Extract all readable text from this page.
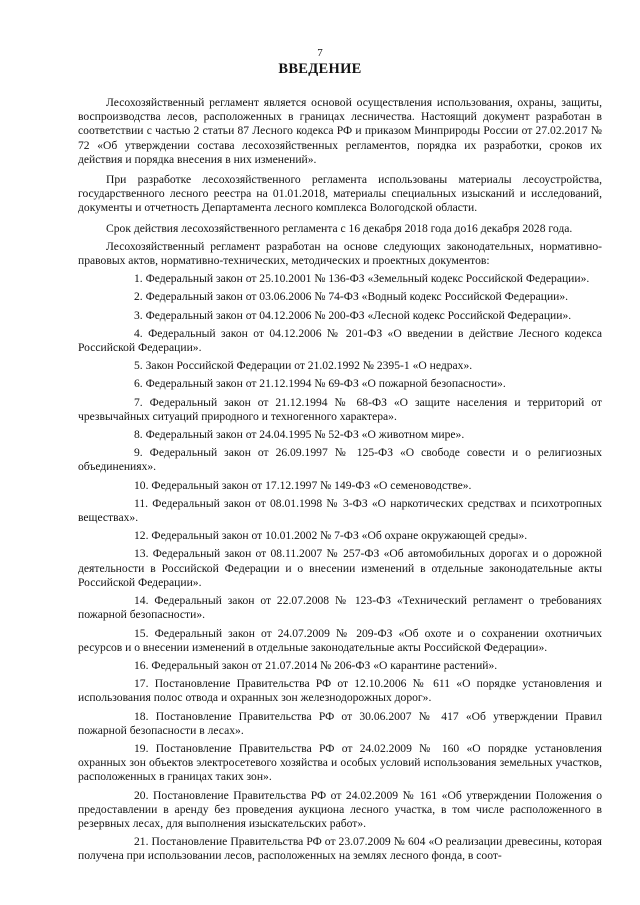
7
ВВЕДЕНИЕ

Лесохозяйственный регламент является основой осуществления использования, охраны, защиты, воспроизводства лесов, расположенных в границах лесничества. Настоящий документ разработан в соответствии с частью 2 статьи 87 Лесного кодекса РФ и приказом Минприроды России от 27.02.2017 № 72 «Об утверждении состава лесохозяйственных регламентов, порядка их разработки, сроков их действия и порядка внесения в них изменений».

При разработке лесохозяйственного регламента использованы материалы лесоустройства, государственного лесного реестра на 01.01.2018, материалы специальных изысканий и исследований, документы и отчетность Департамента лесного комплекса Вологодской области.

Срок действия лесохозяйственного регламента с 16 декабря 2018 года до16 декабря 2028 года.

Лесохозяйственный регламент разработан на основе следующих законодательных, нормативно-правовых актов, нормативно-технических, методических и проектных документов:

1. Федеральный закон от 25.10.2001 № 136-ФЗ «Земельный кодекс Российской Федерации».
2. Федеральный закон от 03.06.2006 № 74-ФЗ «Водный кодекс Российской Федерации».
3. Федеральный закон от 04.12.2006 № 200-ФЗ «Лесной кодекс Российской Федерации».
4. Федеральный закон от 04.12.2006 № 201-ФЗ «О введении в действие Лесного кодекса Российской Федерации».
5. Закон Российской Федерации от 21.02.1992 № 2395-1 «О недрах».
6. Федеральный закон от 21.12.1994 № 69-ФЗ «О пожарной безопасности».
7. Федеральный закон от 21.12.1994 № 68-ФЗ «О защите населения и территорий от чрезвычайных ситуаций природного и техногенного характера».
8. Федеральный закон от 24.04.1995 № 52-ФЗ «О животном мире».
9. Федеральный закон от 26.09.1997 № 125-ФЗ «О свободе совести и о религиозных объединениях».
10. Федеральный закон от 17.12.1997 № 149-ФЗ «О семеноводстве».
11. Федеральный закон от 08.01.1998 № 3-ФЗ «О наркотических средствах и психотропных веществах».
12. Федеральный закон от 10.01.2002 № 7-ФЗ «Об охране окружающей среды».
13. Федеральный закон от 08.11.2007 № 257-ФЗ «Об автомобильных дорогах и о дорожной деятельности в Российской Федерации и о внесении изменений в отдельные законодательные акты Российской Федерации».
14. Федеральный закон от 22.07.2008 № 123-ФЗ «Технический регламент о требованиях пожарной безопасности».
15. Федеральный закон от 24.07.2009 № 209-ФЗ «Об охоте и о сохранении охотничьих ресурсов и о внесении изменений в отдельные законодательные акты Российской Федерации».
16. Федеральный закон от 21.07.2014 № 206-ФЗ «О карантине растений».
17. Постановление Правительства РФ от 12.10.2006 № 611 «О порядке установления и использования полос отвода и охранных зон железнодорожных дорог».
18. Постановление Правительства РФ от 30.06.2007 № 417 «Об утверждении Правил пожарной безопасности в лесах».
19. Постановление Правительства РФ от 24.02.2009 № 160 «О порядке установления охранных зон объектов электросетевого хозяйства и особых условий использования земельных участков, расположенных в границах таких зон».
20. Постановление Правительства РФ от 24.02.2009 № 161 «Об утверждении Положения о предоставлении в аренду без проведения аукциона лесного участка, в том числе расположенного в резервных лесах, для выполнения изыскательских работ».
21. Постановление Правительства РФ от 23.07.2009 № 604 «О реализации древесины, которая получена при использовании лесов, расположенных на землях лесного фонда, в соот-
